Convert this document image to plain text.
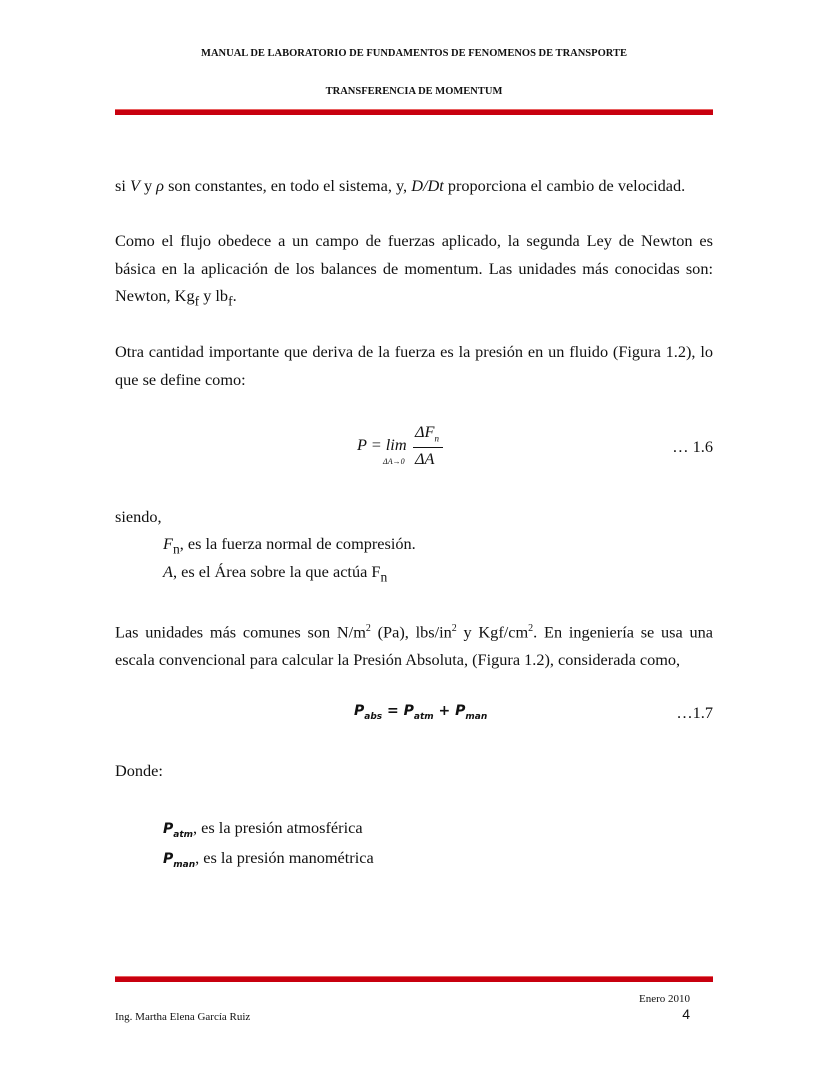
MANUAL DE LABORATORIO DE FUNDAMENTOS DE FENOMENOS DE TRANSPORTE
TRANSFERENCIA DE MOMENTUM
si V y ρ son constantes, en todo el sistema, y, D/Dt proporciona el cambio de velocidad.
Como el flujo obedece a un campo de fuerzas aplicado, la segunda Ley de Newton es básica en la aplicación de los balances de momentum. Las unidades más conocidas son: Newton, $Kg_f$ y $lb_f$.
Otra cantidad importante que deriva de la fuerza es la presión en un fluido (Figura 1.2), lo que se define como:
P = lim
ΔA→0
$\Delta F_n$
ΔA
… 1.6
siendo,
$F_n$, es la fuerza normal de compresión.
A, es el Área sobre la que actúa $F_n$
Las unidades más comunes son $N/m^2$ (Pa), lbs/$in^2$ y Kgf/$cm^2$. En ingeniería se usa una escala convencional para calcular la Presión Absoluta, (Figura 1.2), considerada como,
$P_{abs} = P_{atm} + P_{man}$	…1.7
Donde:
$P_{atm}$, es la presión atmosférica
$P_{man}$, es la presión manométrica
Enero 2010
Ing. Martha Elena García Ruiz	4
